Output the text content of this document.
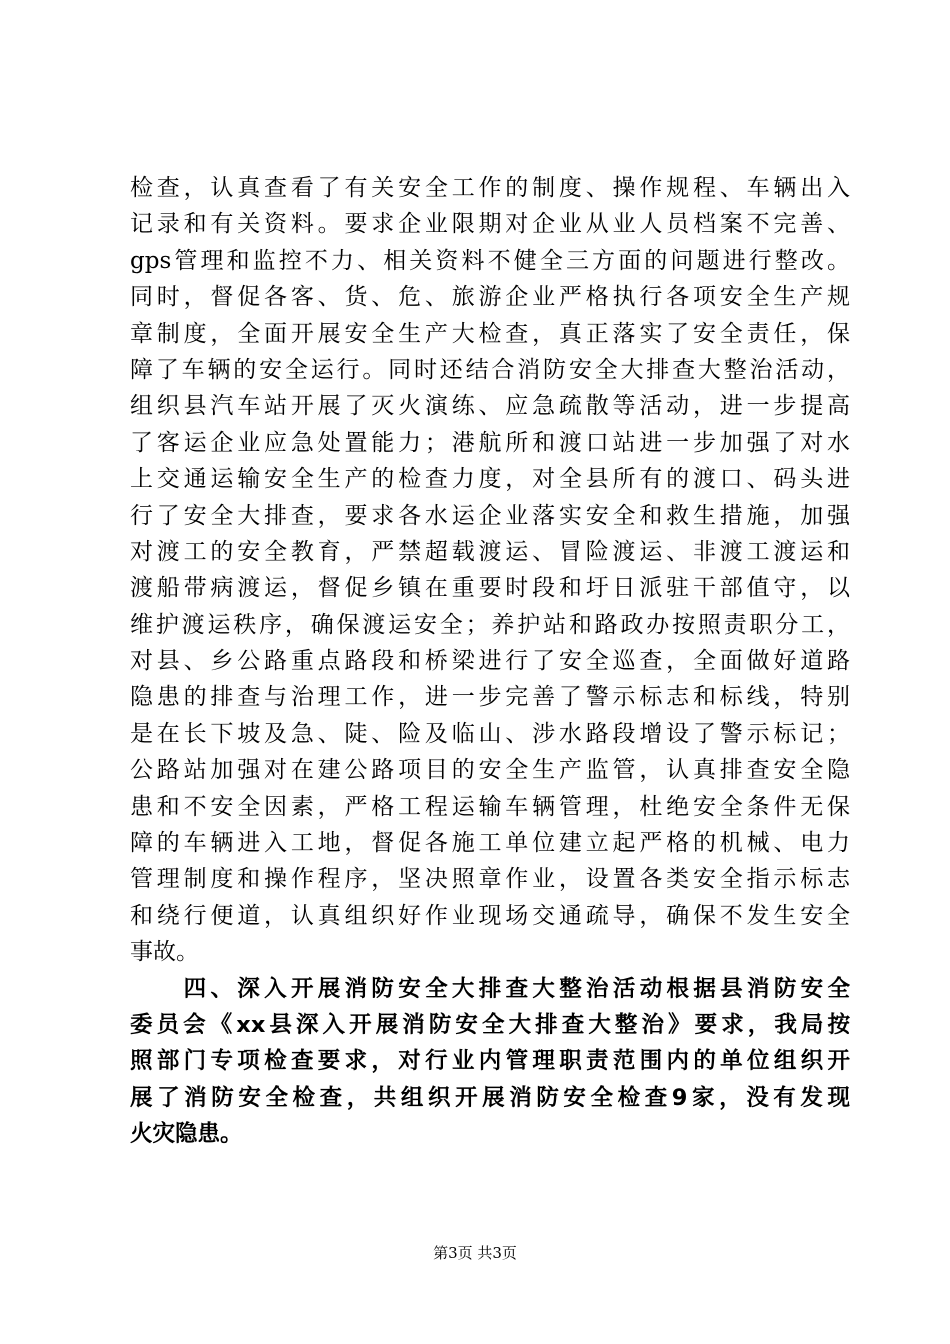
检查，认真查看了有关安全工作的制度、操作规程、车辆出入
记录和有关资料。要求企业限期对企业从业人员档案不完善、
gps管理和监控不力、相关资料不健全三方面的问题进行整改。
同时，督促各客、货、危、旅游企业严格执行各项安全生产规
章制度，全面开展安全生产大检查，真正落实了安全责任，保
障了车辆的安全运行。同时还结合消防安全大排查大整治活动，
组织县汽车站开展了灭火演练、应急疏散等活动，进一步提高
了客运企业应急处置能力；港航所和渡口站进一步加强了对水
上交通运输安全生产的检查力度，对全县所有的渡口、码头进
行了安全大排查，要求各水运企业落实安全和救生措施，加强
对渡工的安全教育，严禁超载渡运、冒险渡运、非渡工渡运和
渡船带病渡运，督促乡镇在重要时段和圩日派驻干部值守，以
维护渡运秩序，确保渡运安全；养护站和路政办按照责职分工，
对县、乡公路重点路段和桥梁进行了安全巡查，全面做好道路
隐患的排查与治理工作，进一步完善了警示标志和标线，特别
是在长下坡及急、陡、险及临山、涉水路段增设了警示标记；
公路站加强对在建公路项目的安全生产监管，认真排查安全隐
患和不安全因素，严格工程运输车辆管理，杜绝安全条件无保
障的车辆进入工地，督促各施工单位建立起严格的机械、电力
管理制度和操作程序，坚决照章作业，设置各类安全指示标志
和绕行便道，认真组织好作业现场交通疏导，确保不发生安全
事故。
　　四、深入开展消防安全大排查大整治活动根据县消防安全
委员会《xx县深入开展消防安全大排查大整治》要求，我局按
照部门专项检查要求，对行业内管理职责范围内的单位组织开
展了消防安全检查，共组织开展消防安全检查9家，没有发现
火灾隐患。
第3页 共3页
